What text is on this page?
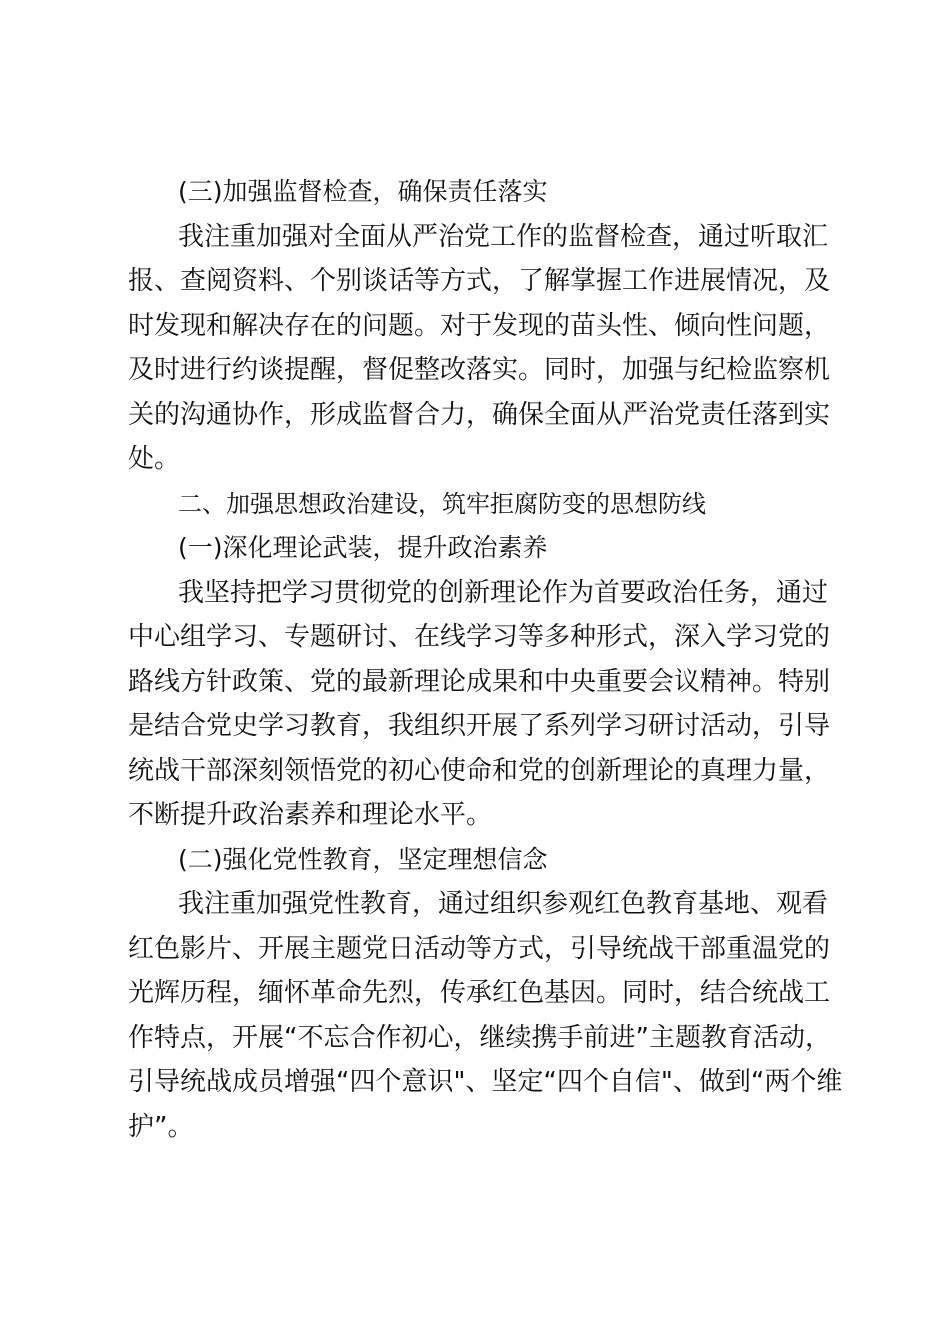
(三)加强监督检查，确保责任落实
我注重加强对全面从严治党工作的监督检查，通过听取汇
报、查阅资料、个别谈话等方式，了解掌握工作进展情况，及
时发现和解决存在的问题。对于发现的苗头性、倾向性问题，
及时进行约谈提醒，督促整改落实。同时，加强与纪检监察机
关的沟通协作，形成监督合力，确保全面从严治党责任落到实
处。
二、加强思想政治建设，筑牢拒腐防变的思想防线
(一)深化理论武装，提升政治素养
我坚持把学习贯彻党的创新理论作为首要政治任务，通过
中心组学习、专题研讨、在线学习等多种形式，深入学习党的
路线方针政策、党的最新理论成果和中央重要会议精神。特别
是结合党史学习教育，我组织开展了系列学习研讨活动，引导
统战干部深刻领悟党的初心使命和党的创新理论的真理力量，
不断提升政治素养和理论水平。
(二)强化党性教育，坚定理想信念
我注重加强党性教育，通过组织参观红色教育基地、观看
红色影片、开展主题党日活动等方式，引导统战干部重温党的
光辉历程，缅怀革命先烈，传承红色基因。同时，结合统战工
作特点，开展“不忘合作初心，继续携手前进”主题教育活动，
引导统战成员增强“四个意识"、坚定“四个自信"、做到“两个维
护”。
